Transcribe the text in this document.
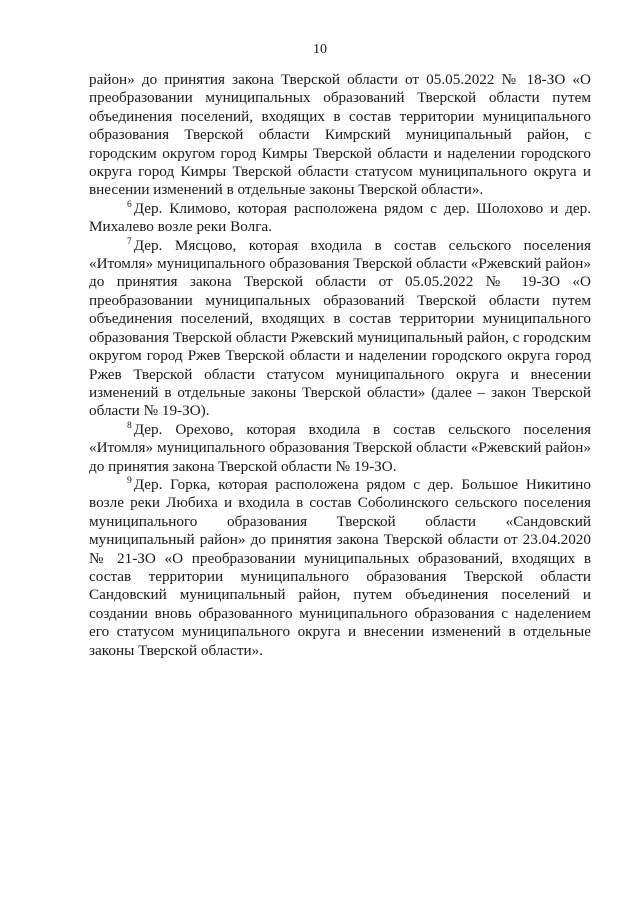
10

район» до принятия закона Тверской области от 05.05.2022 № 18-ЗО «О преобразовании муниципальных образований Тверской области путем объединения поселений, входящих в состав территории муниципального образования Тверской области Кимрский муниципальный район, с городским округом город Кимры Тверской области и наделении городского округа город Кимры Тверской области статусом муниципального округа и внесении изменений в отдельные законы Тверской области».

$^6$ Дер. Климово, которая расположена рядом с дер. Шолохово и дер. Михалево возле реки Волга.

$^7$ Дер. Мясцово, которая входила в состав сельского поселения «Итомля» муниципального образования Тверской области «Ржевский район» до принятия закона Тверской области от 05.05.2022 № 19-ЗО «О преобразовании муниципальных образований Тверской области путем объединения поселений, входящих в состав территории муниципального образования Тверской области Ржевский муниципальный район, с городским округом город Ржев Тверской области и наделении городского округа город Ржев Тверской области статусом муниципального округа и внесении изменений в отдельные законы Тверской области» (далее – закон Тверской области № 19-ЗО).

$^8$ Дер. Орехово, которая входила в состав сельского поселения «Итомля» муниципального образования Тверской области «Ржевский район» до принятия закона Тверской области № 19-ЗО.

$^9$ Дер. Горка, которая расположена рядом с дер. Большое Никитино возле реки Любиха и входила в состав Соболинского сельского поселения муниципального образования Тверской области «Сандовский муниципальный район» до принятия закона Тверской области от 23.04.2020 № 21-ЗО «О преобразовании муниципальных образований, входящих в состав территории муниципального образования Тверской области Сандовский муниципальный район, путем объединения поселений и создании вновь образованного муниципального образования с наделением его статусом муниципального округа и внесении изменений в отдельные законы Тверской области».
